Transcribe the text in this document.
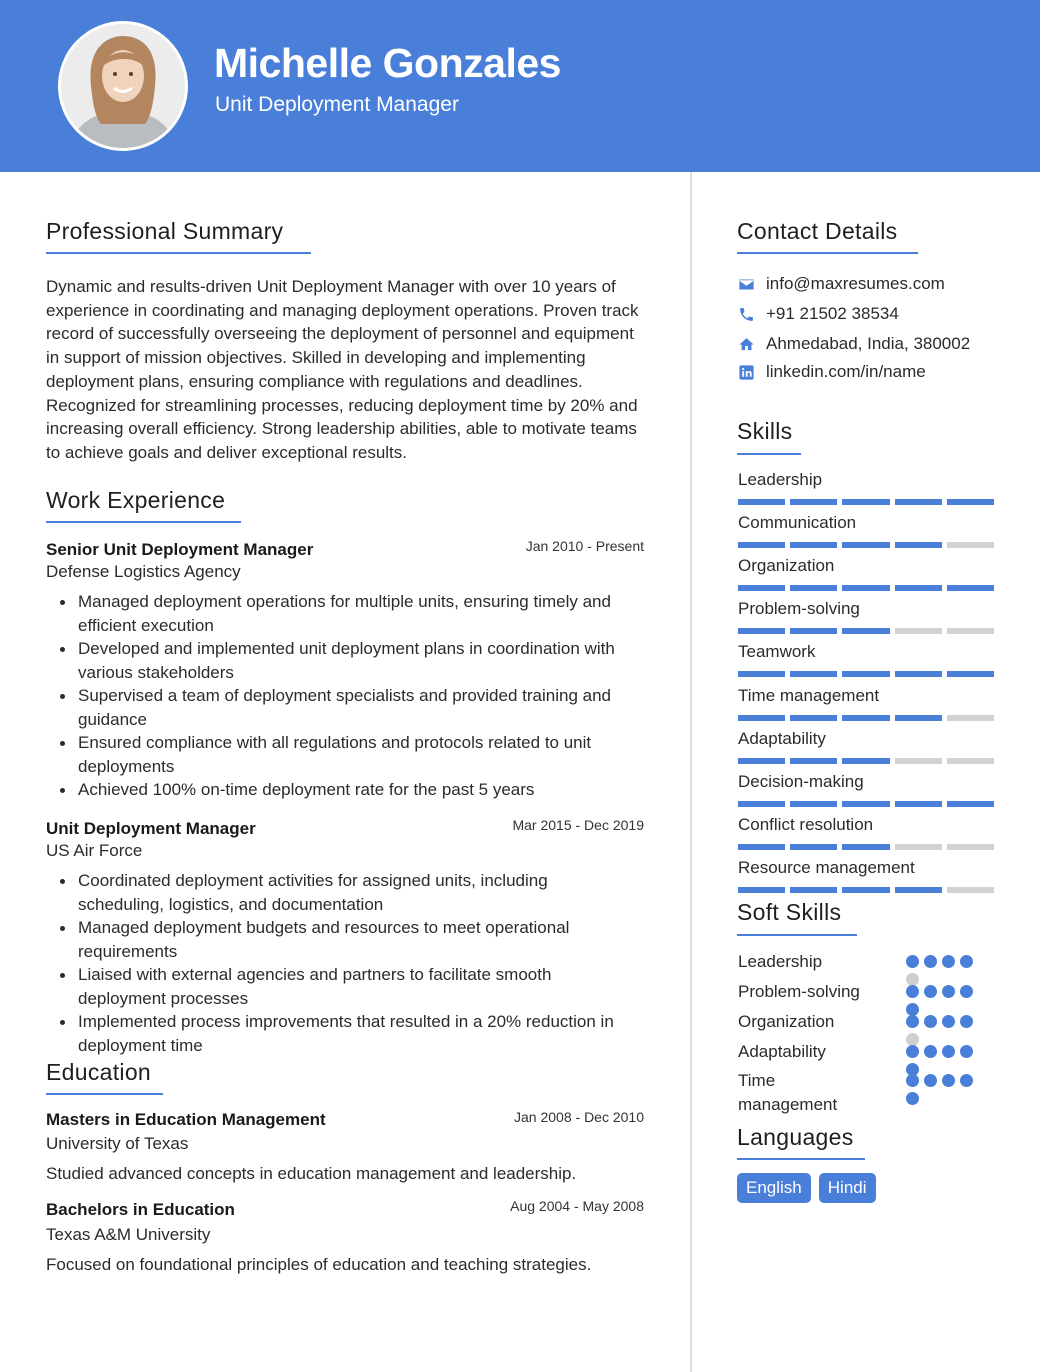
Michelle Gonzales
Unit Deployment Manager
Professional Summary
Dynamic and results-driven Unit Deployment Manager with over 10 years of experience in coordinating and managing deployment operations. Proven track record of successfully overseeing the deployment of personnel and equipment in support of mission objectives. Skilled in developing and implementing deployment plans, ensuring compliance with regulations and deadlines. Recognized for streamlining processes, reducing deployment time by 20% and increasing overall efficiency. Strong leadership abilities, able to motivate teams to achieve goals and deliver exceptional results.
Work Experience
Senior Unit Deployment Manager	Jan 2010 - Present
Defense Logistics Agency
Managed deployment operations for multiple units, ensuring timely and efficient execution
Developed and implemented unit deployment plans in coordination with various stakeholders
Supervised a team of deployment specialists and provided training and guidance
Ensured compliance with all regulations and protocols related to unit deployments
Achieved 100% on-time deployment rate for the past 5 years
Unit Deployment Manager	Mar 2015 - Dec 2019
US Air Force
Coordinated deployment activities for assigned units, including scheduling, logistics, and documentation
Managed deployment budgets and resources to meet operational requirements
Liaised with external agencies and partners to facilitate smooth deployment processes
Implemented process improvements that resulted in a 20% reduction in deployment time
Education
Masters in Education Management	Jan 2008 - Dec 2010
University of Texas
Studied advanced concepts in education management and leadership.
Bachelors in Education	Aug 2004 - May 2008
Texas A&M University
Focused on foundational principles of education and teaching strategies.
Contact Details
info@maxresumes.com
+91 21502 38534
Ahmedabad, India, 380002
linkedin.com/in/name
Skills
Leadership
Communication
Organization
Problem-solving
Teamwork
Time management
Adaptability
Decision-making
Conflict resolution
Resource management
Soft Skills
Leadership
Problem-solving
Organization
Adaptability
Time management
Languages
English	Hindi
